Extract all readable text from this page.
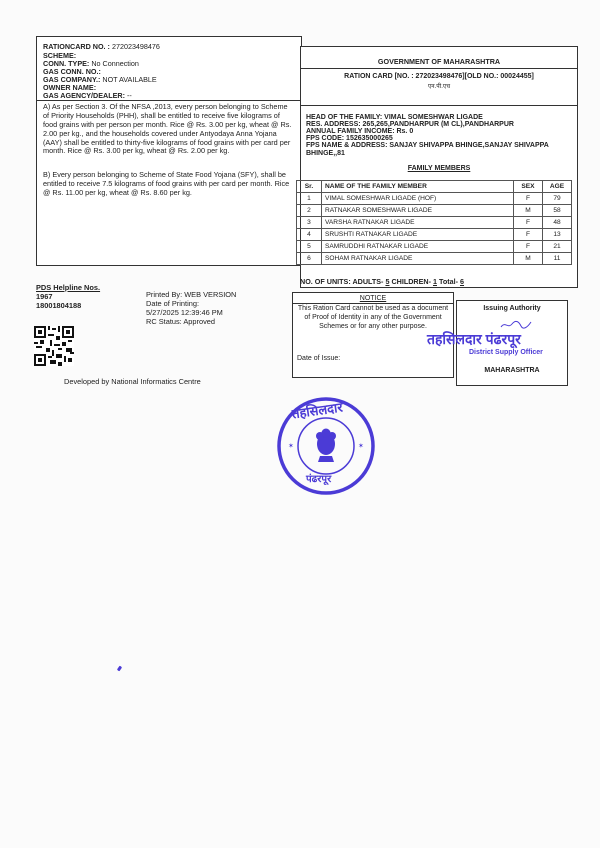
RATIONCARD NO. : 272023498476
SCHEME:
CONN. TYPE: No Connection
GAS CONN. NO.:
GAS COMPANY.: NOT AVAILABLE
OWNER NAME:
GAS AGENCY/DEALER: --
A) As per Section 3. Of the NFSA ,2013, every person belonging to Scheme of Priority Households (PHH), shall be entitled to receive five kilograms of food grains with per person per month. Rice @ Rs. 3.00 per kg, wheat @ Rs. 2.00 per kg., and the households covered under Antyodaya Anna Yojana (AAY) shall be entitled to thirty-five kilograms of food grains with per card per month. Rice @ Rs. 3.00 per kg, wheat @ Rs. 2.00 per kg.
B) Every person belonging to Scheme of State Food Yojana (SFY), shall be entitled to receive 7.5 kilograms of food grains with per card per month. Rice @ Rs. 11.00 per kg, wheat @ Rs. 8.60 per kg.
GOVERNMENT OF MAHARASHTRA
RATION CARD [NO. : 272023498476][OLD NO.: 00024455]
एन.पी.एच
HEAD OF THE FAMILY: VIMAL SOMESHWAR LIGADE
RES. ADDRESS: 265,265,PANDHARPUR (M CL),PANDHARPUR
ANNUAL FAMILY INCOME: Rs. 0
FPS CODE: 152635000265
FPS NAME & ADDRESS: SANJAY SHIVAPPA BHINGE,SANJAY SHIVAPPA
BHINGE,,81
FAMILY MEMBERS
Sr.	NAME OF THE FAMILY MEMBER	SEX	AGE
1	VIMAL SOMESHWAR LIGADE (HOF)	F	79
2	RATNAKAR SOMESHWAR LIGADE	M	58
3	VARSHA RATNAKAR LIGADE	F	48
4	SRUSHTI RATNAKAR LIGADE	F	13
5	SAMRUDDHI RATNAKAR LIGADE	F	21
6	SOHAM RATNAKAR LIGADE	M	11
NO. OF UNITS: ADULTS- 5 CHILDREN- 1 Total- 6
PDS Helpline Nos.
1967
18001804188
Printed By: WEB VERSION
Date of Printing:
5/27/2025 12:39:46 PM
RC Status: Approved
Developed by National Informatics Centre
NOTICE
This Ration Card cannot be used as a document of Proof of Identity in any of the Government Schemes or for any other purpose.
Date of Issue:
Issuing Authority
तहसिलदार पंढरपूर
District Supply Officer
MAHARASHTRA
✶	✶
तहसिलदार
पंढरपूर
